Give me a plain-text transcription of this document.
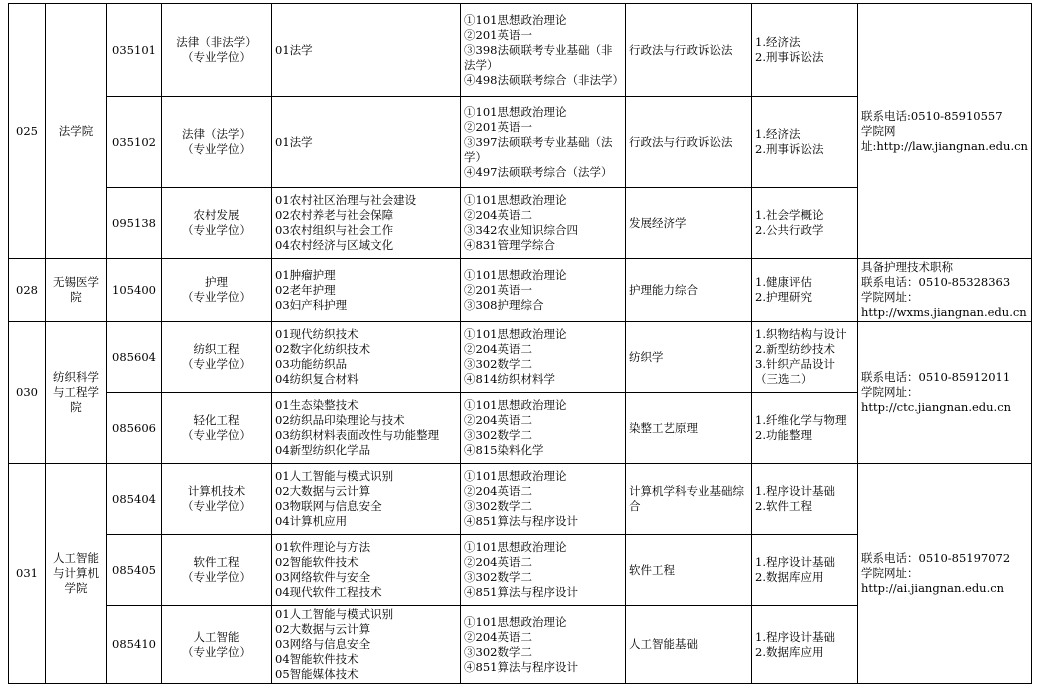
025	法学院	035101	法律（非法学）
（专业学位）	01法学	①101思想政治理论
②201英语一
③398法硕联考专业基础（非法学）
④498法硕联考综合（非法学）	行政法与行政诉讼法	1.经济法
2.刑事诉讼法	联系电话:0510-85910557
学院网
址:http://law.jiangnan.edu.cn

		035102	法律（法学）
（专业学位）	01法学	①101思想政治理论
②201英语一
③397法硕联考专业基础（法学）
④497法硕联考综合（法学）	行政法与行政诉讼法	1.经济法
2.刑事诉讼法	

		095138	农村发展
（专业学位）	01农村社区治理与社会建设
02农村养老与社会保障
03农村组织与社会工作
04农村经济与区域文化	①101思想政治理论
②204英语二
③342农业知识综合四
④831管理学综合	发展经济学	1.社会学概论
2.公共行政学	

028	无锡医学
院	105400	护理
（专业学位）	01肿瘤护理
02老年护理
03妇产科护理	①101思想政治理论
②201英语一
③308护理综合	护理能力综合	1.健康评估
2.护理研究	具备护理技术职称
联系电话：0510-85328363
学院网址：
http://wxms.jiangnan.edu.cn

030	纺织科学
与工程学
院	085604	纺织工程
（专业学位）	01现代纺织技术
02数字化纺织技术
03功能纺织品
04纺织复合材料	①101思想政治理论
②204英语二
③302数学二
④814纺织材料学	纺织学	1.织物结构与设计
2.新型纺纱技术
3.针织产品设计
（三选二）	联系电话：0510-85912011
学院网址：
http://ctc.jiangnan.edu.cn

		085606	轻化工程
（专业学位）	01生态染整技术
02纺织品印染理论与技术
03纺织材料表面改性与功能整理
04新型纺织化学品	①101思想政治理论
②204英语二
③302数学二
④815染料化学	染整工艺原理	1.纤维化学与物理
2.功能整理	

031	人工智能
与计算机
学院	085404	计算机技术
（专业学位）	01人工智能与模式识别
02大数据与云计算
03物联网与信息安全
04计算机应用	①101思想政治理论
②204英语二
③302数学二
④851算法与程序设计	计算机学科专业基础综合	1.程序设计基础
2.软件工程	联系电话：0510-85197072
学院网址：
http://ai.jiangnan.edu.cn

		085405	软件工程
（专业学位）	01软件理论与方法
02智能软件技术
03网络软件与安全
04现代软件工程技术	①101思想政治理论
②204英语二
③302数学二
④851算法与程序设计	软件工程	1.程序设计基础
2.数据库应用	

		085410	人工智能
（专业学位）	01人工智能与模式识别
02大数据与云计算
03网络与信息安全
04智能软件技术
05智能媒体技术	①101思想政治理论
②204英语二
③302数学二
④851算法与程序设计	人工智能基础	1.程序设计基础
2.数据库应用	
